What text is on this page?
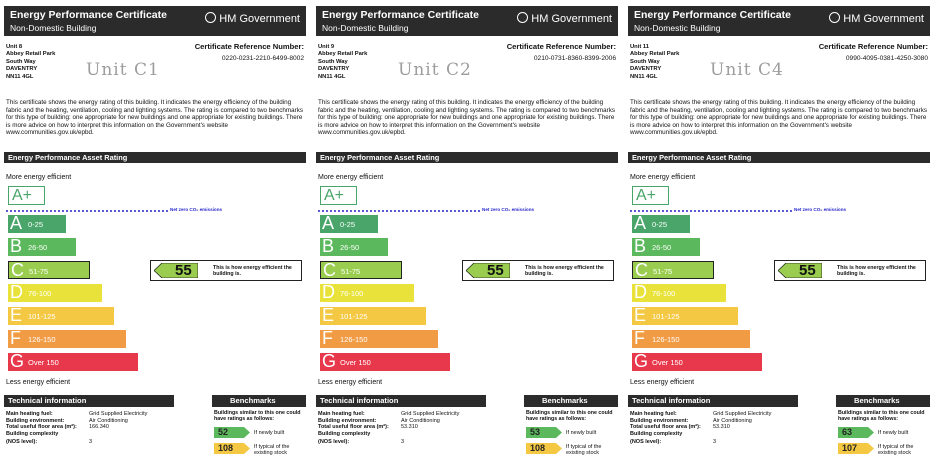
Energy Performance Certificate
Non-Domestic Building
HM Government
Unit 8
Abbey Retail Park
South Way
DAVENTRY
NN11 4GL	Unit C1
Certificate Reference Number:
0220-0231-2210-6499-8002
This certificate shows the energy rating of this building. It indicates the energy efficiency of the building fabric and the heating, ventilation, cooling and lighting systems. The rating is compared to two benchmarks for this type of building: one appropriate for new buildings and one appropriate for existing buildings. There is more advice on how to interpret this information on the Government's website www.communities.gov.uk/epbd.
Energy Performance Asset Rating
More energy efficient
A+
Net zero CO₂ emissions
A 0-25
B 26-50
C 51-75
D 76-100
E 101-125
F 126-150
G Over 150
55	This is how energy efficient the building is.
Less energy efficient
Technical information	Benchmarks
Main heating fuel:	Grid Supplied Electricity
Building environment:	Air Conditioning
Total useful floor area (m²): 166.340
Building complexity
(NOS level):	3
Buildings similar to this one could have ratings as follows:
52	If newly built
108	If typical of the existing stock
Energy Performance Certificate
Non-Domestic Building
HM Government
Unit 9
Abbey Retail Park
South Way
DAVENTRY
NN11 4GL	Unit C2
Certificate Reference Number:
0210-0731-8360-8399-2006
This certificate shows the energy rating of this building. It indicates the energy efficiency of the building fabric and the heating, ventilation, cooling and lighting systems. The rating is compared to two benchmarks for this type of building: one appropriate for new buildings and one appropriate for existing buildings. There is more advice on how to interpret this information on the Government's website www.communities.gov.uk/epbd.
Energy Performance Asset Rating
More energy efficient
A+
Net zero CO₂ emissions
A 0-25
B 26-50
C 51-75
D 76-100
E 101-125
F 126-150
G Over 150
55	This is how energy efficient the building is.
Less energy efficient
Technical information	Benchmarks
Main heating fuel:	Grid Supplied Electricity
Building environment:	Air Conditioning
Total useful floor area (m²): 53.310
Building complexity
(NOS level):	3
Buildings similar to this one could have ratings as follows:
53	If newly built
108	If typical of the existing stock
Energy Performance Certificate
Non-Domestic Building
HM Government
Unit 11
Abbey Retail Park
South Way
DAVENTRY
NN11 4GL	Unit C4
Certificate Reference Number:
0990-4095-0381-4250-3080
This certificate shows the energy rating of this building. It indicates the energy efficiency of the building fabric and the heating, ventilation, cooling and lighting systems. The rating is compared to two benchmarks for this type of building: one appropriate for new buildings and one appropriate for existing buildings. There is more advice on how to interpret this information on the Government's website www.communities.gov.uk/epbd.
Energy Performance Asset Rating
More energy efficient
A+
Net zero CO₂ emissions
A 0-25
B 26-50
C 51-75
D 76-100
E 101-125
F 126-150
G Over 150
55	This is how energy efficient the building is.
Less energy efficient
Technical information	Benchmarks
Main heating fuel:	Grid Supplied Electricity
Building environment:	Air Conditioning
Total useful floor area (m²): 53.310
Building complexity
(NOS level):	3
Buildings similar to this one could have ratings as follows:
63	If newly built
107	If typical of the existing stock
